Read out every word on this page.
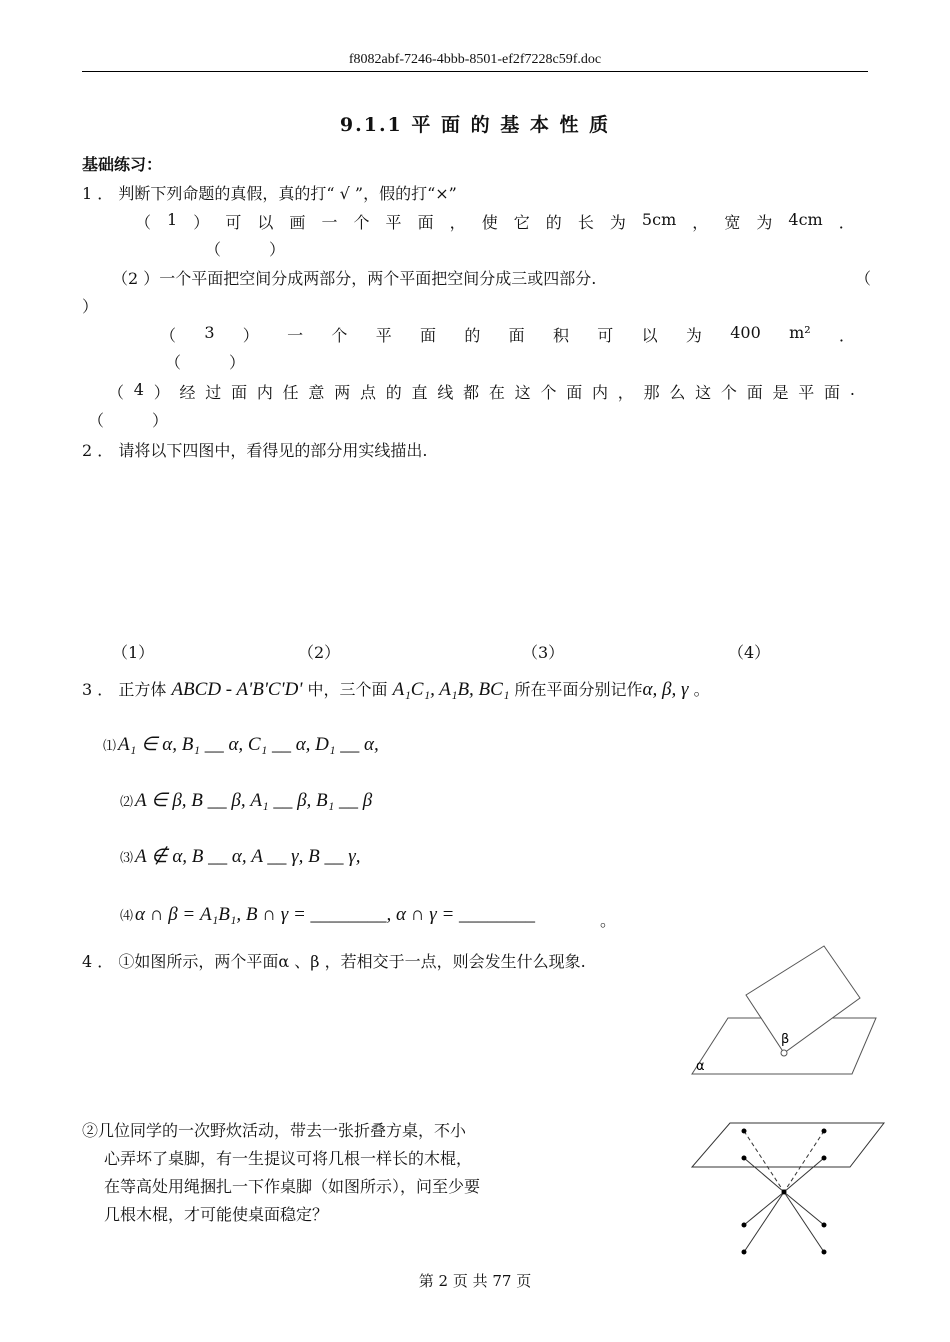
f8082abf-7246-4bbb-8501-ef2f7228c59f.doc
9.1.1 平 面 的 基 本 性 质
基础练习：
1 ． 判断下列命题的真假，真的打“ √ ”，假的打“×”
（ 1 ） 可 以 画 一 个 平 面 ， 使 它 的 长 为 5cm ， 宽 为 4cm ．
（　　　）
（2 ）一个平面把空间分成两部分，两个平面把空间分成三或四部分.	（
）
（ 3 ） 一 个 平 面 的 面 积 可 以 为 400 m² ．
（　　　）
（ 4 ） 经 过 面 内 任 意 两 点 的 直 线 都 在 这 个 面 内 ， 那 么 这 个 面 是 平 面 .
（　　　）
2 ． 请将以下四图中，看得见的部分用实线描出.
（1）	（2）	（3）	（4）
3 ． 正方体 ABCD - A'B'C'D' 中，三个面 A₁C₁, A₁B, BC₁ 所在平面分别记作α, β, γ 。
⑴ A₁ ∈ α, B₁ __ α, C₁ __ α, D₁ __ α,
⑵ A ∈ β, B __ β, A₁ __ β, B₁ __ β
⑶ A ∉ α, B __ α, A __ γ, B __ γ,
⑷ α ∩ β = A₁B₁, B ∩ γ = ________, α ∩ γ = ________	。
4 ． ①如图所示，两个平面α 、β ，若相交于一点，则会发生什么现象.
α
β
②几位同学的一次野炊活动，带去一张折叠方桌，不小
心弄坏了桌脚，有一生提议可将几根一样长的木棍，
在等高处用绳捆扎一下作桌脚（如图所示），问至少要
几根木棍，才可能使桌面稳定？
第 2 页 共 77 页
